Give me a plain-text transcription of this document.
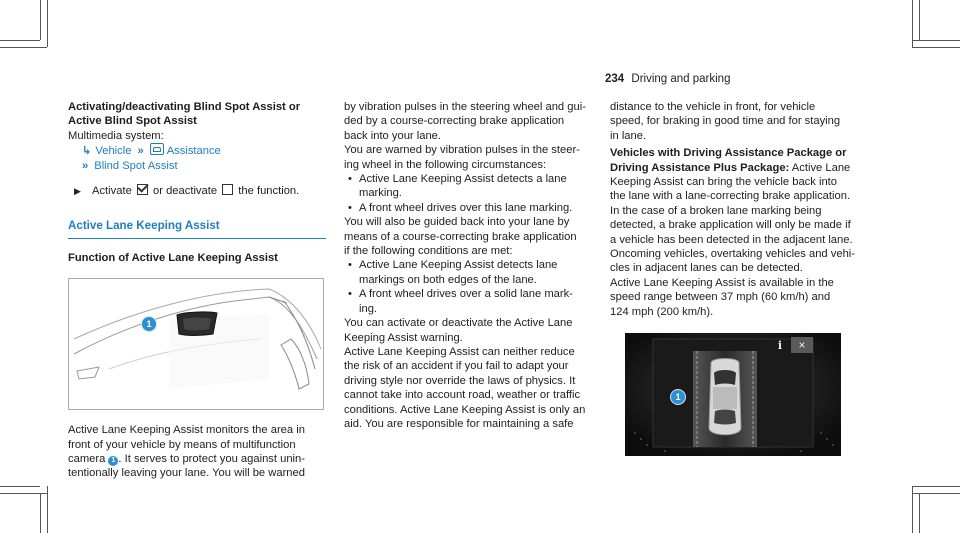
234 Driving and parking

Activating/deactivating Blind Spot Assist or

Active Blind Spot Assist

Multimedia system:

↳ Vehicle » Assistance

» Blind Spot Assist

▶ Activate or deactivate the function.

Active Lane Keeping Assist

Function of Active Lane Keeping Assist

1

Active Lane Keeping Assist monitors the area in

front of your vehicle by means of multifunction

camera 1 . It serves to protect you against unin-

tentionally leaving your lane. You will be warned

by vibration pulses in the steering wheel and gui-

ded by a course-correcting brake application

back into your lane.

You are warned by vibration pulses in the steer-

ing wheel in the following circumstances:

• Active Lane Keeping Assist detects a lane
marking.
• A front wheel drives over this lane marking.

You will also be guided back into your lane by

means of a course-correcting brake application

if the following conditions are met:

• Active Lane Keeping Assist detects lane
markings on both edges of the lane.
• A front wheel drives over a solid lane mark-
ing.

You can activate or deactivate the Active Lane

Keeping Assist warning.

Active Lane Keeping Assist can neither reduce

the risk of an accident if you fail to adapt your

driving style nor override the laws of physics. It

cannot take into account road, weather or traffic

conditions. Active Lane Keeping Assist is only an

aid. You are responsible for maintaining a safe

distance to the vehicle in front, for vehicle

speed, for braking in good time and for staying

in lane.

Vehicles with Driving Assistance Package or

Driving Assistance Plus Package: Active Lane

Keeping Assist can bring the vehicle back into

the lane with a lane-correcting brake application.

In the case of a broken lane marking being

detected, a brake application will only be made if

a vehicle has been detected in the adjacent lane.

Oncoming vehicles, overtaking vehicles and vehi-

cles in adjacent lanes can be detected.

Active Lane Keeping Assist is available in the

speed range between 37 mph (60 km/h) and

124 mph (200 km/h).

i	×
1
